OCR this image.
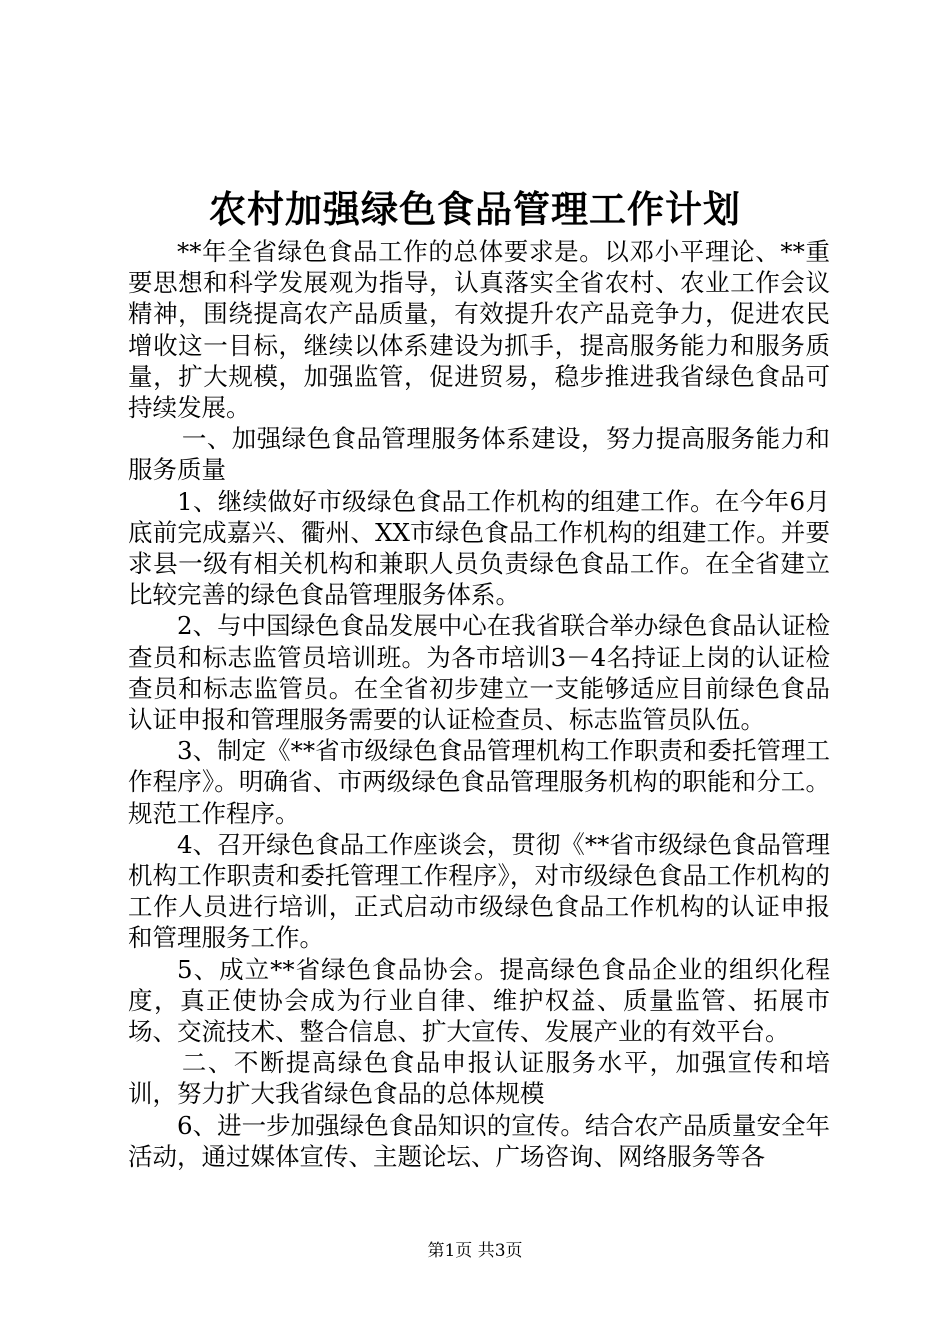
农村加强绿色食品管理工作计划

**年全省绿色食品工作的总体要求是。以邓小平理论、**重要思想和科学发展观为指导，认真落实全省农村、农业工作会议精神，围绕提高农产品质量，有效提升农产品竞争力，促进农民增收这一目标，继续以体系建设为抓手，提高服务能力和服务质量，扩大规模，加强监管，促进贸易，稳步推进我省绿色食品可持续发展。

一、加强绿色食品管理服务体系建设，努力提高服务能力和服务质量

1、继续做好市级绿色食品工作机构的组建工作。在今年6月底前完成嘉兴、衢州、XX市绿色食品工作机构的组建工作。并要求县一级有相关机构和兼职人员负责绿色食品工作。在全省建立比较完善的绿色食品管理服务体系。

2、与中国绿色食品发展中心在我省联合举办绿色食品认证检查员和标志监管员培训班。为各市培训3－4名持证上岗的认证检查员和标志监管员。在全省初步建立一支能够适应目前绿色食品认证申报和管理服务需要的认证检查员、标志监管员队伍。

3、制定《**省市级绿色食品管理机构工作职责和委托管理工作程序》。明确省、市两级绿色食品管理服务机构的职能和分工。规范工作程序。

4、召开绿色食品工作座谈会，贯彻《**省市级绿色食品管理机构工作职责和委托管理工作程序》，对市级绿色食品工作机构的工作人员进行培训，正式启动市级绿色食品工作机构的认证申报和管理服务工作。

5、成立**省绿色食品协会。提高绿色食品企业的组织化程度，真正使协会成为行业自律、维护权益、质量监管、拓展市场、交流技术、整合信息、扩大宣传、发展产业的有效平台。

二、不断提高绿色食品申报认证服务水平，加强宣传和培训，努力扩大我省绿色食品的总体规模

6、进一步加强绿色食品知识的宣传。结合农产品质量安全年活动，通过媒体宣传、主题论坛、广场咨询、网络服务等各

第1页 共3页
